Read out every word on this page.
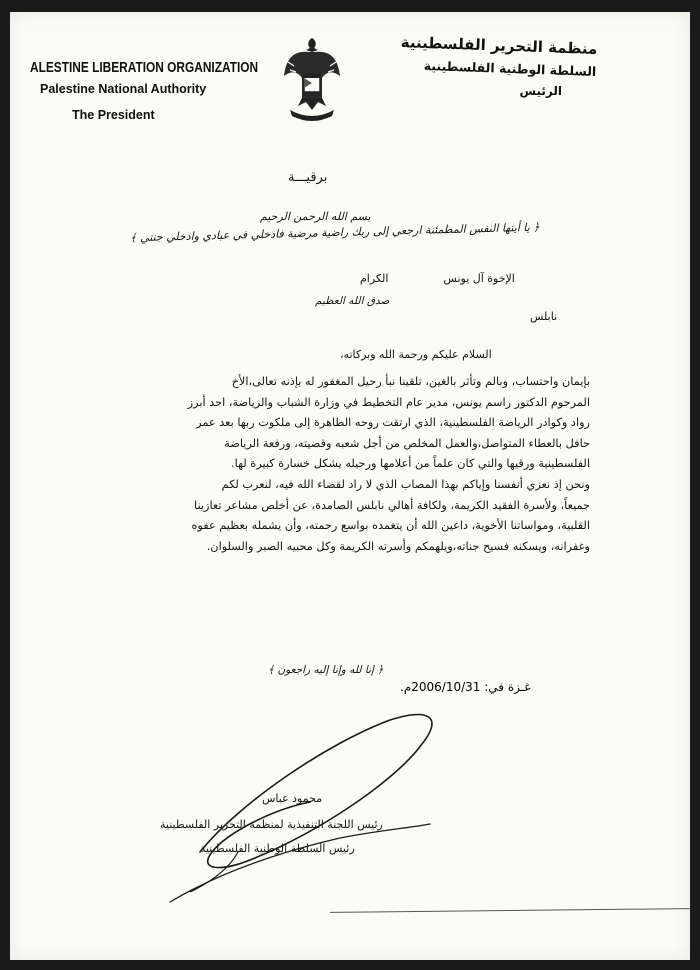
ALESTINE LIBERATION ORGANIZATION
Palestine National Authority
The President	فلسطين
منظمة التحرير الفلسطينية
السلطة الوطنية الفلسطينية
الرئيس
برقيـــة
بسم الله الرحمن الرحيم
﴿ يا أيتها النفس المطمئنة ارجعي إلى ربك راضية مرضية فادخلي في عبادي وادخلي جنتي ﴾
صدق الله العظيم
الإخوة آل يونس  الكرام
نابلس
السلام عليكم ورحمة الله وبركاته،
بإيمان واحتساب، وبالم وتأثر بالغين، تلقينا نبأ رحيل المغفور له بإذنه تعالى،الأخ
المرحوم الدكتور راسم يونس، مدير عام التخطيط في وزارة الشباب والرياضة، احد أبرز
رواد وكوادر الرياضة الفلسطينية، الذي ارتقت روحه الطاهرة إلى ملكوت ربها بعد عمر
حافل بالعطاء المتواصل،والعمل المخلص من أجل شعبه وقضيته، ورفعة الرياضة
الفلسطينية ورقيها والتي كان علماً من أعلامها ورحيله يشكل خسارة كبيرة لها.
ونحن إذ نعزي أنفسنا وإياكم بهذا المصاب الذي لا راد لقضاء الله فيه، لنعرب لكم
جميعاً، ولأسرة الفقيد الكريمة، ولكافة أهالي نابلس الصامدة، عن أخلص مشاعر تعازينا
القلبية، ومواساتنا الأخوية، داعين الله أن يتغمده بواسع رحمته، وأن يشمله بعظيم عفوه
وغفرانه، ويسكنه فسيح جناته،ويلهمكم وأسرته الكريمة وكل محبيه الصبر والسلوان.
﴿ إنا لله وإنا إليه راجعون ﴾
غـزة في: 2006/10/31م.
محمود عباس
رئيس اللجنة التنفيذية لمنظمة التحرير الفلسطينية
رئيس السلطة الوطنية الفلسطينية
